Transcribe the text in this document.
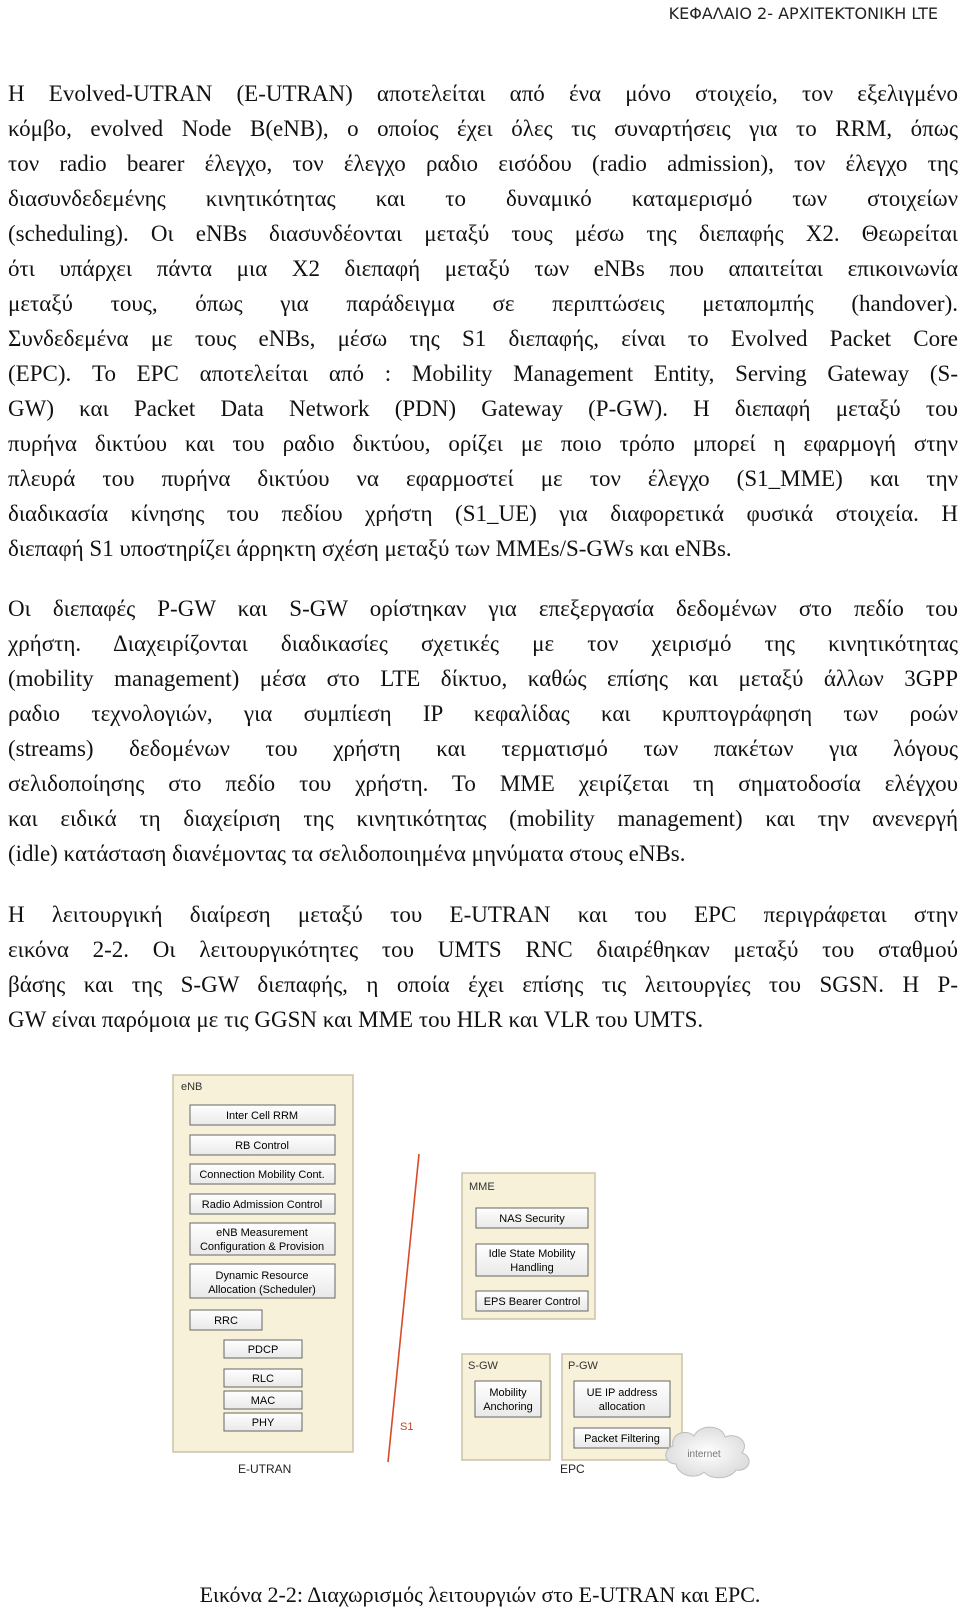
ΚΕΦΑΛΑΙΟ 2- ΑΡΧΙΤΕΚΤΟΝΙΚΗ LTE
Η Evolved-UTRAN (E-UTRAN) αποτελείται από ένα μόνο στοιχείο, τον εξελιγμένο
κόμβο, evolved Node B(eNB), ο οποίος έχει όλες τις συναρτήσεις για το RRM, όπως
τον radio bearer έλεγχο, τον έλεγχο ραδιο εισόδου (radio admission), τον έλεγχο της
διασυνδεδεμένης κινητικότητας και το δυναμικό καταμερισμό των στοιχείων
(scheduling). Οι eNBs διασυνδέονται μεταξύ τους μέσω της διεπαφής X2. Θεωρείται
ότι υπάρχει πάντα μια X2 διεπαφή μεταξύ των eNBs που απαιτείται επικοινωνία
μεταξύ τους, όπως για παράδειγμα σε περιπτώσεις μεταπομπής (handover).
Συνδεδεμένα με τους eNBs, μέσω της S1 διεπαφής, είναι το Evolved Packet Core
(EPC). Το EPC αποτελείται από : Mobility Management Entity, Serving Gateway (S-
GW) και Packet Data Network (PDN) Gateway (P-GW). Η διεπαφή μεταξύ του
πυρήνα δικτύου και του ραδιο δικτύου, ορίζει με ποιο τρόπο μπορεί η εφαρμογή στην
πλευρά του πυρήνα δικτύου να εφαρμοστεί με τον έλεγχο (S1_MME) και την
διαδικασία κίνησης του πεδίου χρήστη (S1_UE) για διαφορετικά φυσικά στοιχεία. Η
διεπαφή S1 υποστηρίζει άρρηκτη σχέση μεταξύ των MMEs/S-GWs και eNBs.
Οι διεπαφές P-GW και S-GW ορίστηκαν για επεξεργασία δεδομένων στο πεδίο του
χρήστη. Διαχειρίζονται διαδικασίες σχετικές με τον χειρισμό της κινητικότητας
(mobility management) μέσα στο LTE δίκτυο, καθώς επίσης και μεταξύ άλλων 3GPP
ραδιο τεχνολογιών, για συμπίεση IP κεφαλίδας και κρυπτογράφηση των ροών
(streams) δεδομένων του χρήστη και τερματισμό των πακέτων για λόγους
σελιδοποίησης στο πεδίο του χρήστη. Το MME χειρίζεται τη σηματοδοσία ελέγχου
και ειδικά τη διαχείριση της κινητικότητας (mobility management) και την ανενεργή
(idle) κατάσταση διανέμοντας τα σελιδοποιημένα μηνύματα στους eNBs.
Η λειτουργική διαίρεση μεταξύ του E-UTRAN και του EPC περιγράφεται στην
εικόνα 2-2. Οι λειτουργικότητες του UMTS RNC διαιρέθηκαν μεταξύ του σταθμού
βάσης και της S-GW διεπαφής, η οποία έχει επίσης τις λειτουργίες του SGSN. Η P-
GW είναι παρόμοια με τις GGSN και MME του HLR και VLR του UMTS.
eNB
Inter Cell RRM
RB Control
Connection Mobility Cont.
Radio Admission Control
eNB Measurement
Configuration & Provision
Dynamic Resource
Allocation (Scheduler)
RRC
PDCP
RLC
MAC
PHY
E-UTRAN
S1
MME
NAS Security
Idle State Mobility
Handling
EPS Bearer Control
S-GW
Mobility
Anchoring
P-GW
UE IP address
allocation
Packet Filtering
EPC
internet
Εικόνα 2-2: Διαχωρισμός λειτουργιών στο E-UTRAN και EPC.
